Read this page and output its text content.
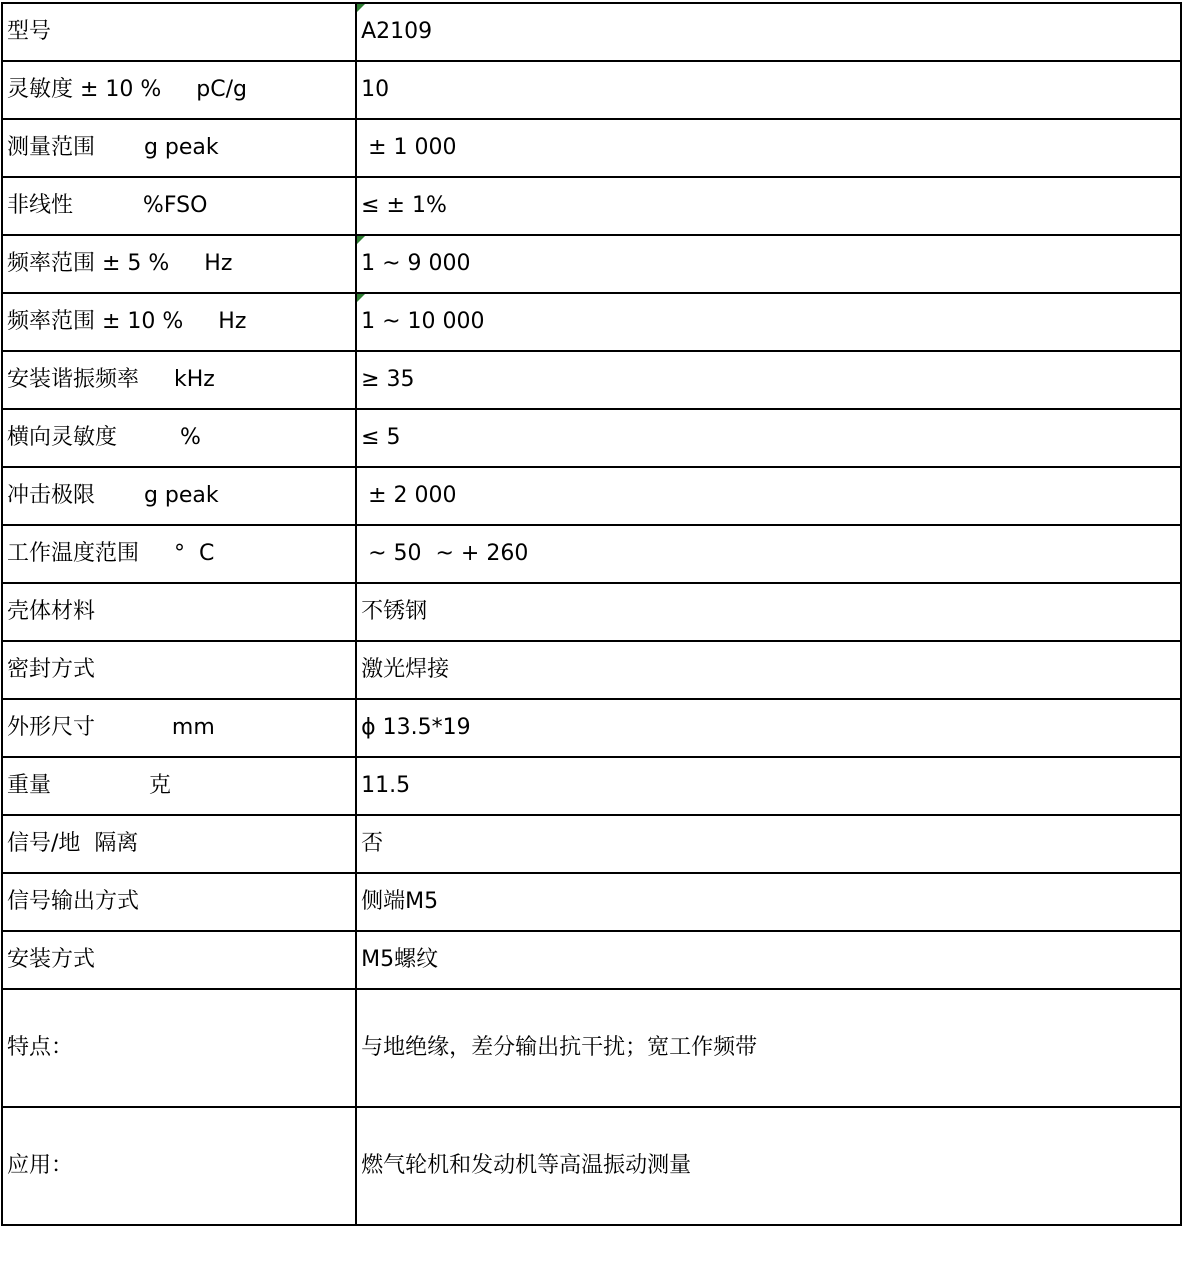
型号	A2109
灵敏度 ± 10 %     pC/g	10
测量范围       g peak	± 1 000
非线性          %FSO	≤ ± 1%
频率范围 ± 5 %     Hz	1 ~ 9 000
频率范围 ± 10 %     Hz	1 ~ 10 000
安装谐振频率     kHz	≥ 35
横向灵敏度         %	≤ 5
冲击极限       g peak	± 2 000
工作温度范围     °  C	~ 50  ~ + 260
壳体材料	不锈钢
密封方式	激光焊接
外形尺寸           mm	ϕ 13.5*19
重量              克	11.5
信号/地  隔离	否
信号输出方式	侧端M5
安装方式	M5螺纹
特点：	与地绝缘，差分输出抗干扰；宽工作频带
应用：	燃气轮机和发动机等高温振动测量
